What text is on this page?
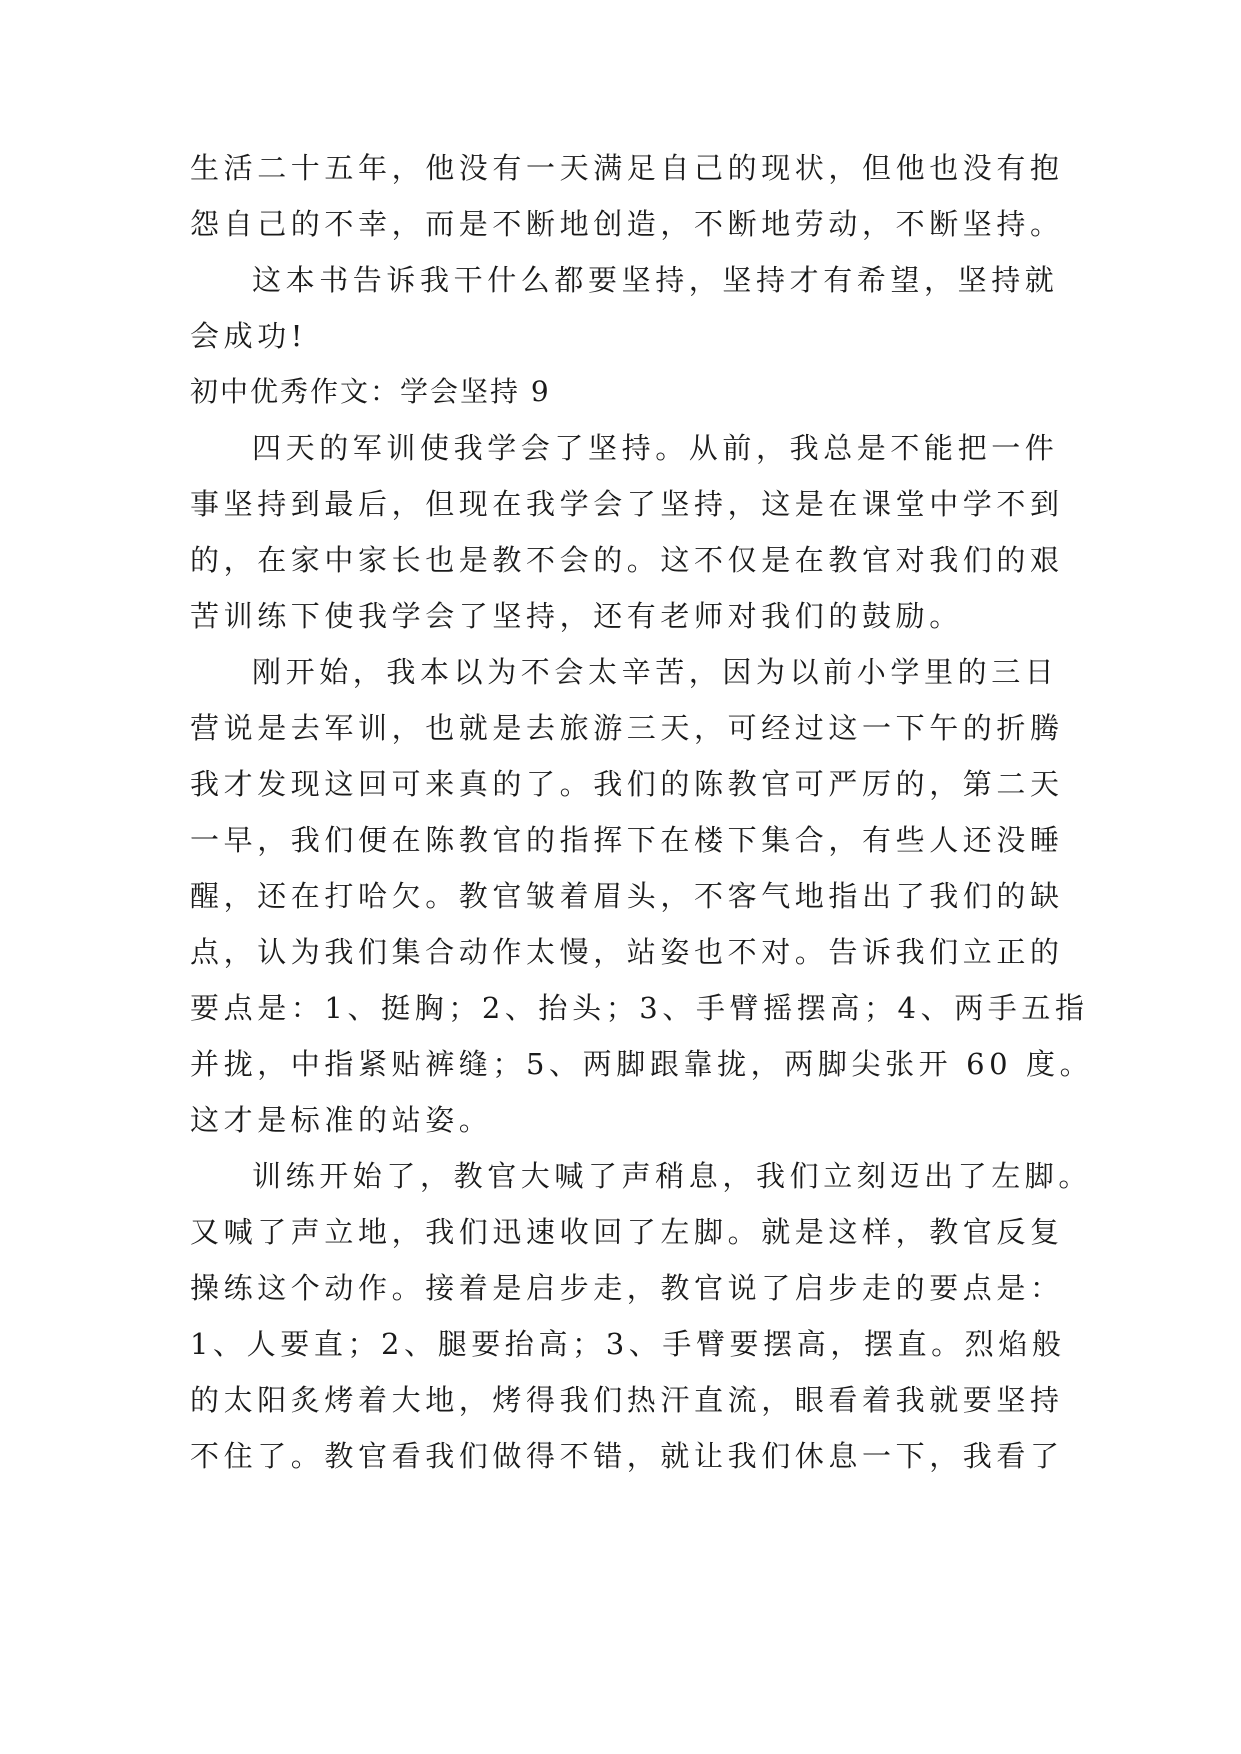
生活二十五年，他没有一天满足自己的现状，但他也没有抱
怨自己的不幸，而是不断地创造，不断地劳动，不断坚持。
这本书告诉我干什么都要坚持，坚持才有希望，坚持就
会成功!
初中优秀作文：学会坚持 9
四天的军训使我学会了坚持。从前，我总是不能把一件
事坚持到最后，但现在我学会了坚持，这是在课堂中学不到
的，在家中家长也是教不会的。这不仅是在教官对我们的艰
苦训练下使我学会了坚持，还有老师对我们的鼓励。
刚开始，我本以为不会太辛苦，因为以前小学里的三日
营说是去军训，也就是去旅游三天，可经过这一下午的折腾
我才发现这回可来真的了。我们的陈教官可严厉的，第二天
一早，我们便在陈教官的指挥下在楼下集合，有些人还没睡
醒，还在打哈欠。教官皱着眉头，不客气地指出了我们的缺
点，认为我们集合动作太慢，站姿也不对。告诉我们立正的
要点是：1、挺胸；2、抬头；3、手臂摇摆高；4、两手五指
并拢，中指紧贴裤缝；5、两脚跟靠拢，两脚尖张开 60 度。
这才是标准的站姿。
训练开始了，教官大喊了声稍息，我们立刻迈出了左脚。
又喊了声立地，我们迅速收回了左脚。就是这样，教官反复
操练这个动作。接着是启步走，教官说了启步走的要点是：
1、人要直；2、腿要抬高；3、手臂要摆高，摆直。烈焰般
的太阳炙烤着大地，烤得我们热汗直流，眼看着我就要坚持
不住了。教官看我们做得不错，就让我们休息一下，我看了
